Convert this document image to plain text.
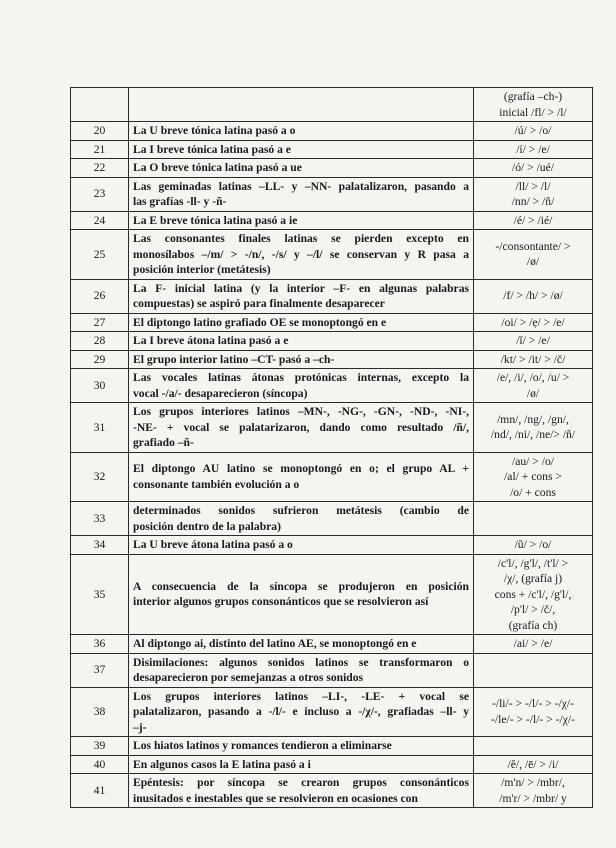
		(grafía –ch-)
inicial /fl/ > /l/

20	La U breve tónica latina pasó a o	/ú/ > /o/

21	La I breve tónica latina pasó a e	/í/ > /e/

22	La O breve tónica latina pasó a ue	/ó/ > /ué/

23	Las geminadas latinas –LL- y –NN- palatalizaron, pasando a
las grafías -ll- y -ñ-	/ll/ > /l/
/nn/ > /ñ/

24	La E breve tónica latina pasó a ie	/é/ > /ié/

25	Las consonantes finales latinas se pierden excepto en
monosílabos –/m/ > -/n/, -/s/ y –/l/ se conservan y R pasa a
posición interior (metátesis)	-/consontante/ >
/ø/

26	La F- inicial latina (y la interior –F- en algunas palabras
compuestas) se aspiró para finalmente desaparecer	/f/ > /h/ > /ø/

27	El diptongo latino grafiado OE se monoptongó en e	/oi/ > /ẹ/ > /e/

28	La I breve átona latina pasó a e	/ĭ/ > /e/

29	El grupo interior latino –CT- pasó a –ch-	/kt/ > /it/ > /č/

30	Las vocales latinas átonas protónicas internas, excepto la
vocal -/a/- desaparecieron (síncopa)	/e/, /i/, /o/, /u/ >
/ø/

31	Los grupos interiores latinos –MN-, -NG-, -GN-, -ND-, -NI-,
-NE- + vocal se palatarizaron, dando como resultado /ñ/,
grafiado –ñ-	/mn/, /ng/, /gn/,
/nd/, /ni/, /ne/> /ñ/

32	El diptongo AU latino se monoptongó en o; el grupo AL +
consonante también evolución a o	/au/ > /o/
/al/ + cons >
/o/ + cons

33	determinados sonidos sufrieron metátesis (cambio de
posición dentro de la palabra)	

34	La U breve átona latina pasó a o	/ŭ/ > /o/

35	A consecuencia de la síncopa se produjeron en posición
interior algunos grupos consonánticos que se resolvieron así	/c'l/, /g'l/, /t'l/ >
/χ/, (grafía j)
cons + /c'l/, /g'l/,
/p'l/ > /č/,
(grafía ch)

36	Al diptongo ai, distinto del latino AE, se monoptongó en e	/ai/ > /e/

37	Disimilaciones: algunos sonidos latinos se transformaron o
desaparecieron por semejanzas a otros sonidos	

38	Los grupos interiores latinos –LI-, -LE- + vocal se
palatalizaron, pasando a -/l/- e incluso a -/χ/-, grafiadas –ll- y
–j-	-/li/- > -/l/- > -/χ/-
-/le/- > -/l/- > -/χ/-

39	Los hiatos latinos y romances tendieron a eliminarse	

40	En algunos casos la E latina pasó a i	/ĕ/, /ē/ > /i/

41	Epéntesis: por síncopa se crearon grupos consonánticos
inusitados e inestables que se resolvieron en ocasiones con	/m'n/ > /mbr/,
/m'r/ > /mbr/ y
